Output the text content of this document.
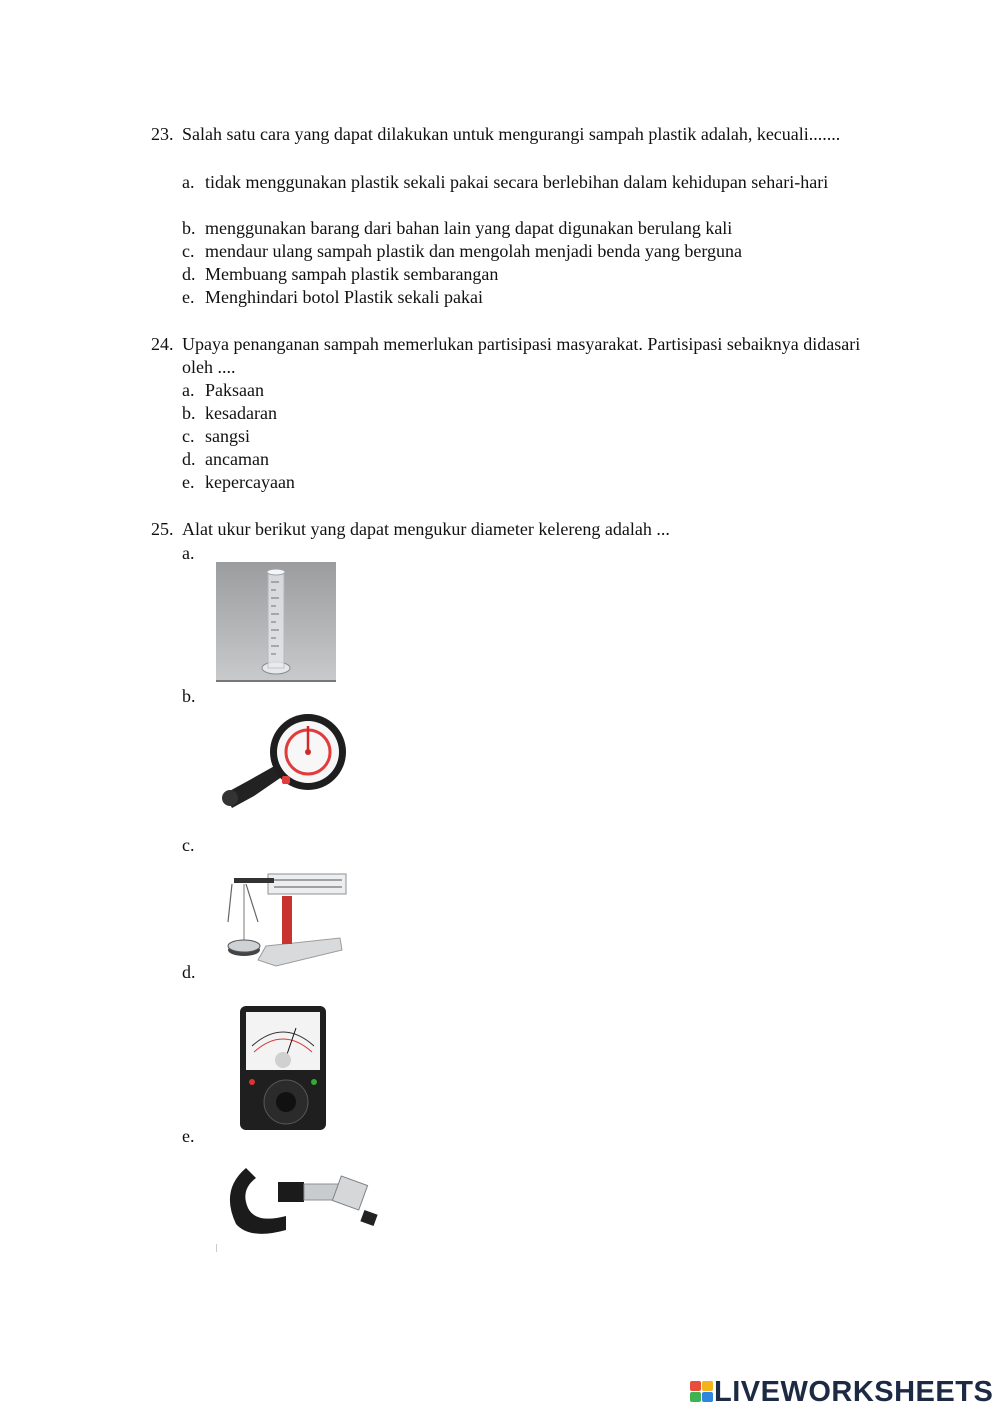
23. Salah satu cara yang dapat dilakukan untuk mengurangi sampah plastik adalah, kecuali.......
a. tidak menggunakan plastik sekali pakai secara berlebihan dalam kehidupan sehari-hari
b. menggunakan barang dari bahan lain yang dapat digunakan berulang kali
c. mendaur ulang sampah plastik dan mengolah menjadi benda yang berguna
d. Membuang sampah plastik sembarangan
e. Menghindari botol Plastik sekali pakai
24. Upaya penanganan sampah memerlukan partisipasi masyarakat. Partisipasi sebaiknya didasari oleh ....
a. Paksaan
b. kesadaran
c. sangsi
d. ancaman
e. kepercayaan
25. Alat ukur berikut yang dapat mengukur diameter kelereng adalah ...
a.
b.
c.
d.
e.
LIVEWORKSHEETS
